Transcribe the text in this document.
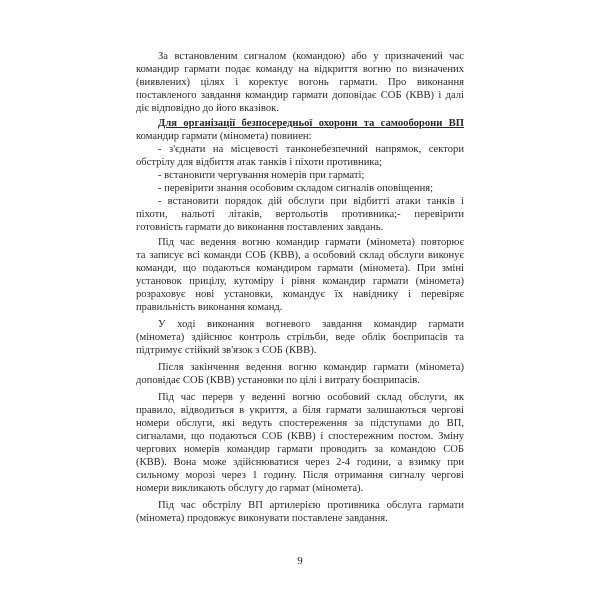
За встановленим сигналом (командою) або у призначений час
командир гармати подає команду на відкриття вогню по визначених
(виявлених) цілях і коректує вогонь гармати. Про виконання
поставленого завдання командир гармати доповідає СОБ (КВВ) і далі
діє відповідно до його вказівок.
Для організації безпосередньої охорони та самооборони ВП
командир гармати (міномета) повинен:
- з'єднати на місцевості танконебезпечний напрямок, сектори
обстрілу для відбиття атак танків і піхоти противника;
- встановити чергування номерів при гарматі;
- перевірити знання особовим складом сигналів оповіщення;
- встановити порядок дій обслуги при відбитті атаки танків і
піхоти, нальоті літаків, вертольотів противника;- перевірити
готовність гармати до виконання поставлених завдань.
Під час ведення вогню командир гармати (міномета) повторює
та записує всі команди СОБ (КВВ), а особовий склад обслуги виконує
команди, що подаються командиром гармати (міномета). При зміні
установок прицілу, кутоміру і рівня командир гармати (міномета)
розраховує нові установки, командує їх навіднику і перевіряє
правильність виконання команд.
У ході виконання вогневого завдання командир гармати
(міномета) здійснює контроль стрільби, веде облік боєприпасів та
підтримує стійкий зв'язок з СОБ (КВВ).
Після закінчення ведення вогню командир гармати (міномета)
доповідає СОБ (КВВ) установки по цілі і витрату боєприпасів.
Під час перерв у веденні вогню особовий склад обслуги, як
правило, відводиться в укриття, а біля гармати залишаються чергові
номери обслуги, які ведуть спостереження за підступами до ВП,
сигналами, що подаються СОБ (КВВ) і спостережним постом. Зміну
чергових номерів командир гармати проводить за командою СОБ
(КВВ). Вона може здійснюватися через 2-4 години, а взимку при
сильному морозі через 1 годину. Після отримання сигналу чергові
номери викликають обслугу до гармат (міномета).
Під час обстрілу ВП артилерією противника обслуга гармати
(міномета) продовжує виконувати поставлене завдання.
9
